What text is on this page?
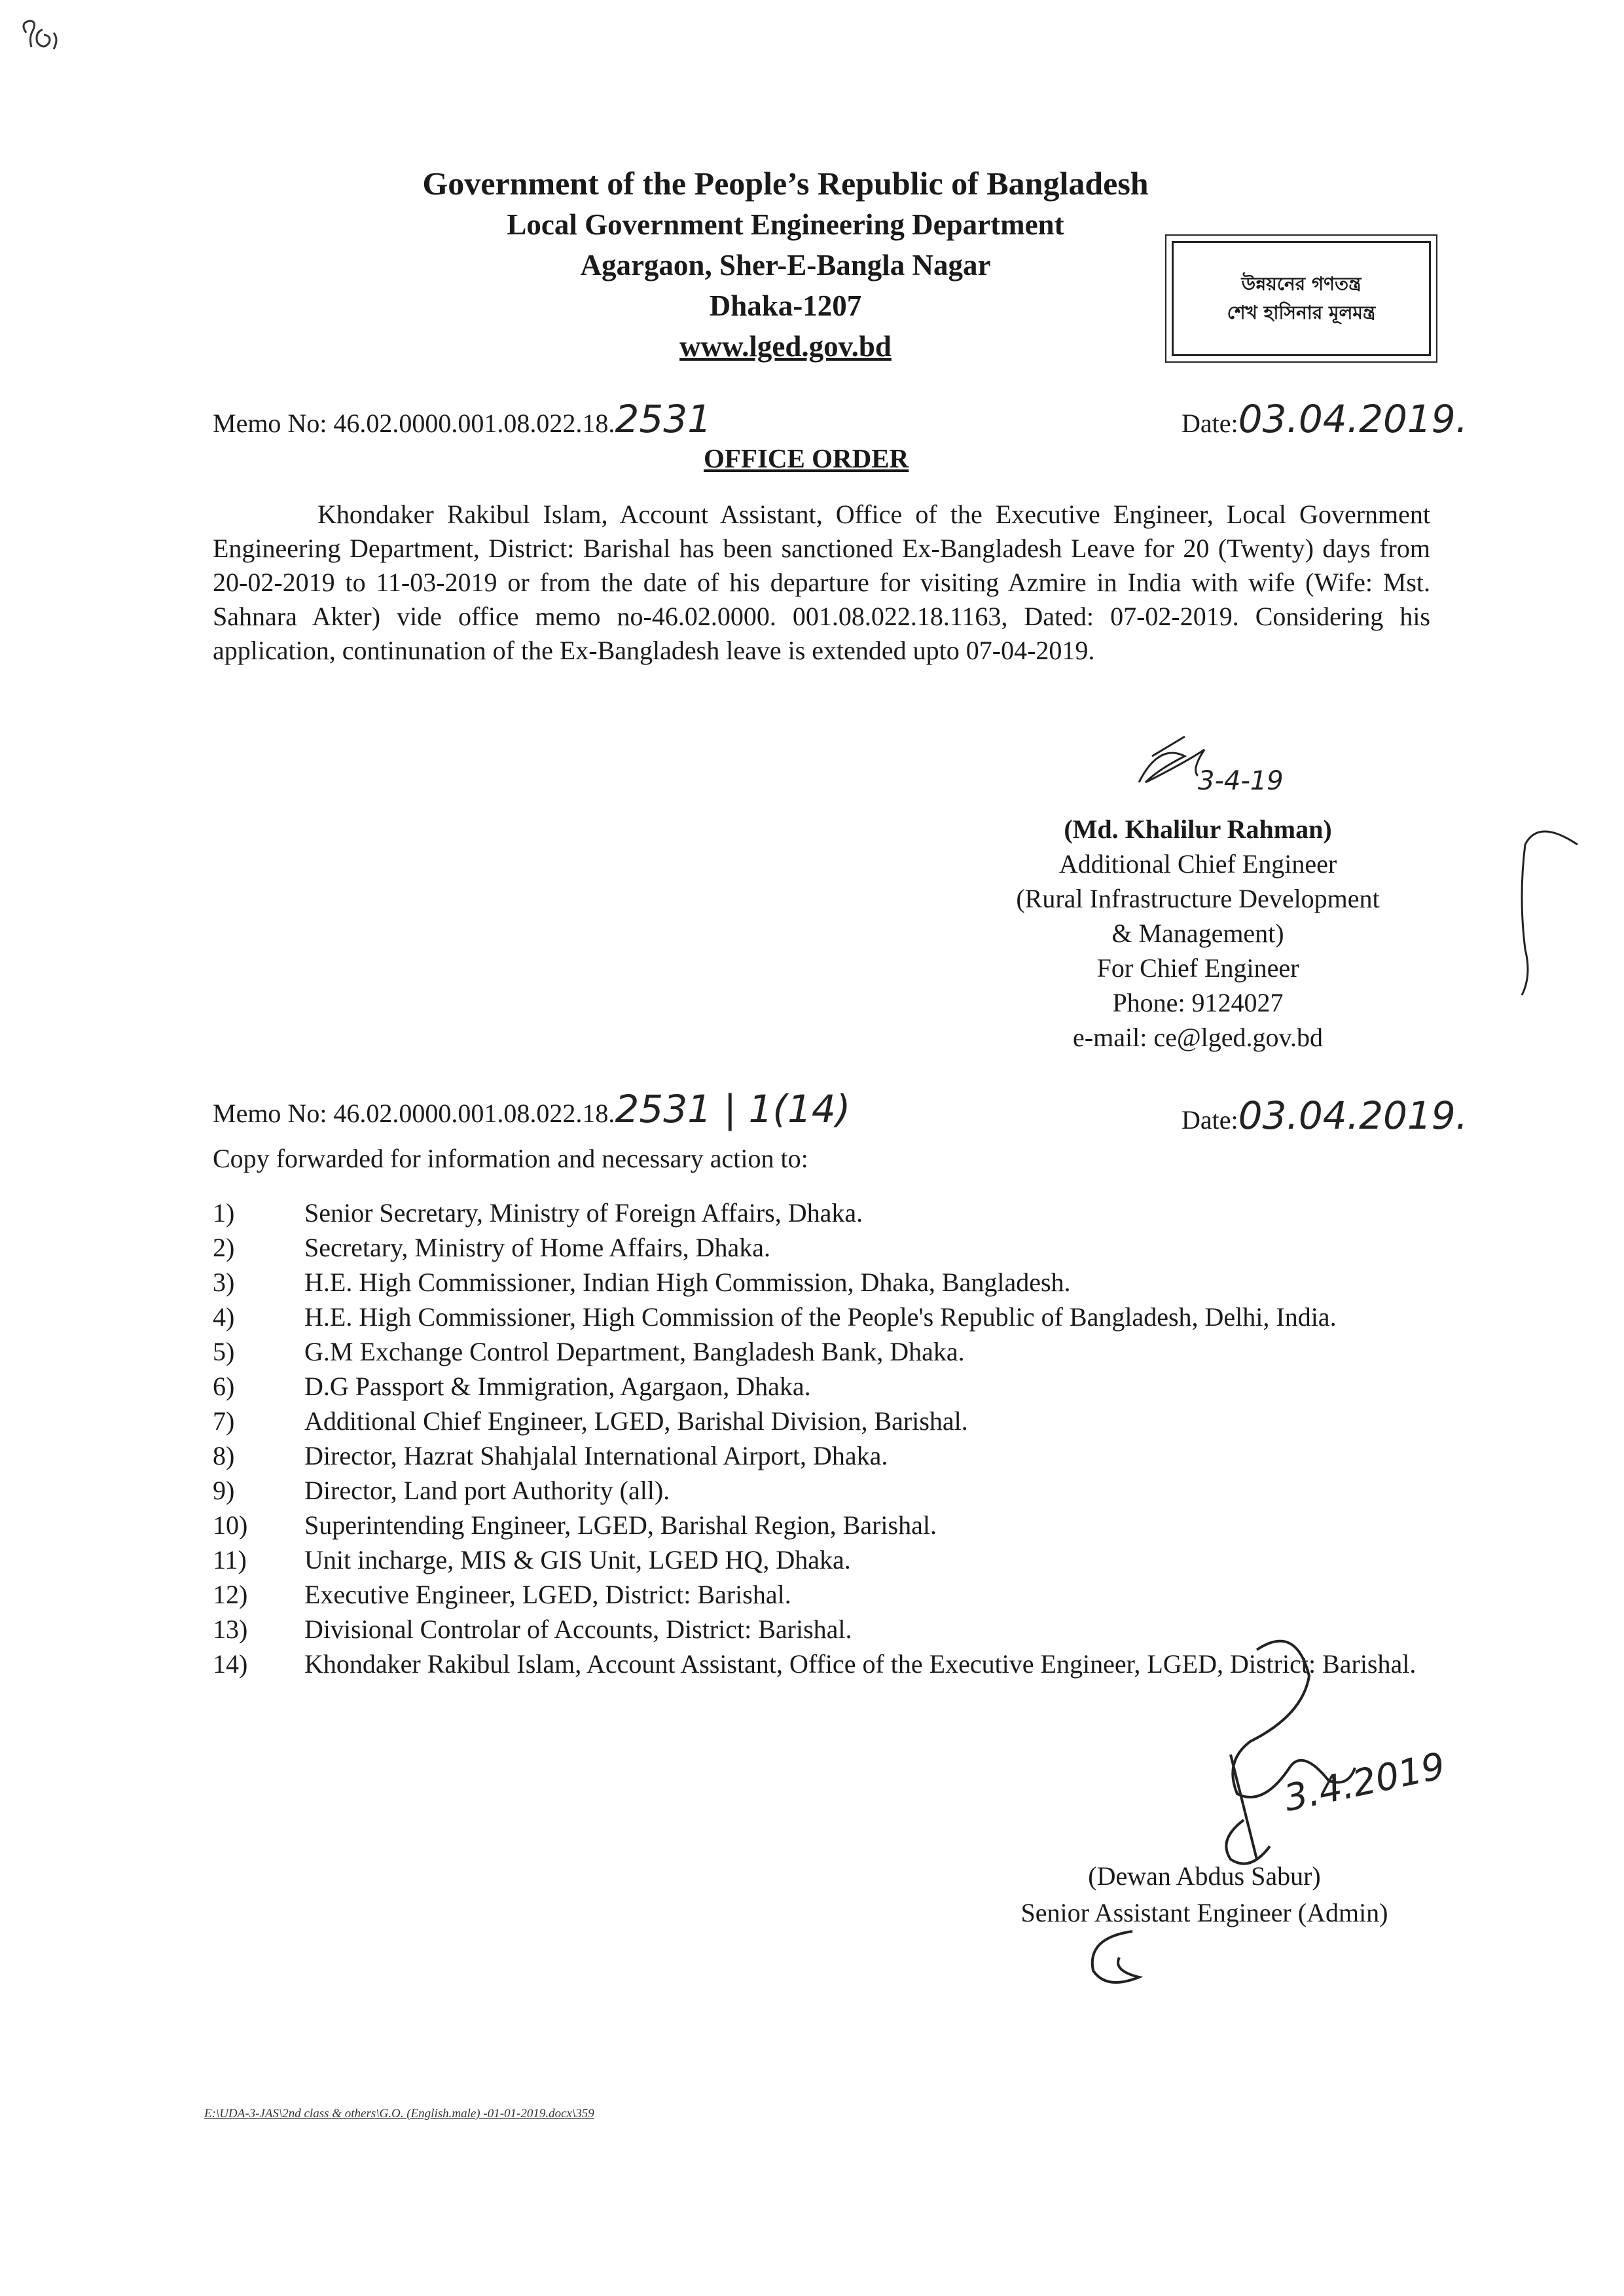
96
Government of the People’s Republic of Bangladesh
Local Government Engineering Department
Agargaon, Sher-E-Bangla Nagar
Dhaka-1207
www.lged.gov.bd
উন্নয়নের গণতন্ত্র
শেখ হাসিনার মূলমন্ত্র
Memo No: 46.02.0000.001.08.022.18.2531	Date:03.04.2019.
OFFICE ORDER
Khondaker Rakibul Islam, Account Assistant, Office of the Executive Engineer, Local Government Engineering Department, District: Barishal has been sanctioned Ex-Bangladesh Leave for 20 (Twenty) days from 20-02-2019 to 11-03-2019 or from the date of his departure for visiting Azmire in India with wife (Wife: Mst. Sahnara Akter) vide office memo no-46.02.0000. 001.08.022.18.1163, Dated: 07-02-2019. Considering his application, continunation of the Ex-Bangladesh leave is extended upto 07-04-2019.
3-4-19
(Md. Khalilur Rahman)
Additional Chief Engineer
(Rural Infrastructure Development
& Management)
For Chief Engineer
Phone: 9124027
e-mail: ce@lged.gov.bd
Memo No: 46.02.0000.001.08.022.18.2531 | 1(14)	Date:03.04.2019.
Copy forwarded for information and necessary action to:
1)	Senior Secretary, Ministry of Foreign Affairs, Dhaka.
2)	Secretary, Ministry of Home Affairs, Dhaka.
3)	H.E. High Commissioner, Indian High Commission, Dhaka, Bangladesh.
4)	H.E. High Commissioner, High Commission of the People's Republic of Bangladesh, Delhi, India.
5)	G.M Exchange Control Department, Bangladesh Bank, Dhaka.
6)	D.G Passport & Immigration, Agargaon, Dhaka.
7)	Additional Chief Engineer, LGED, Barishal Division, Barishal.
8)	Director, Hazrat Shahjalal International Airport, Dhaka.
9)	Director, Land port Authority (all).
10)	Superintending Engineer, LGED, Barishal Region, Barishal.
11)	Unit incharge, MIS & GIS Unit, LGED HQ, Dhaka.
12)	Executive Engineer, LGED, District: Barishal.
13)	Divisional Controlar of Accounts, District: Barishal.
14)	Khondaker Rakibul Islam, Account Assistant, Office of the Executive Engineer, LGED, District: Barishal.
3.4.2019
(Dewan Abdus Sabur)
Senior Assistant Engineer (Admin)
E:\UDA-3-JAS\2nd class & others\G.O. (English.male) -01-01-2019.docx\359
